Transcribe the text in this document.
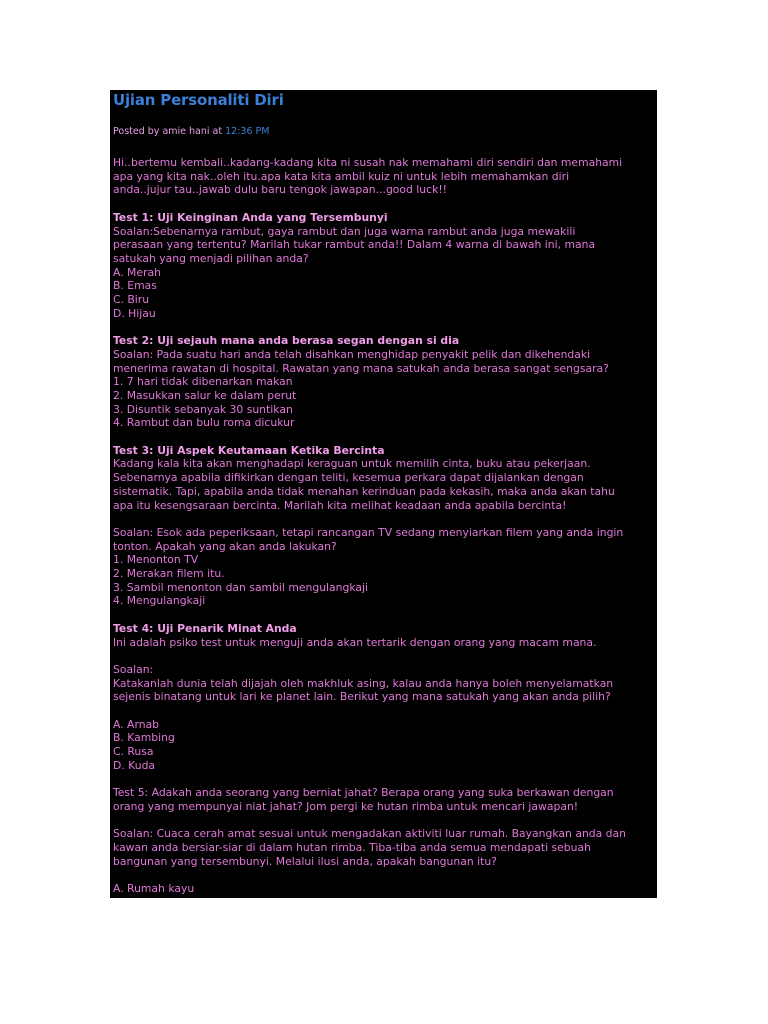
Ujian Personaliti Diri
Posted by amie hani at 12:36 PM

Hi..bertemu kembali..kadang-kadang kita ni susah nak memahami diri sendiri dan memahami

apa yang kita nak..oleh itu.apa kata kita ambil kuiz ni untuk lebih memahamkan diri

anda..jujur tau..jawab dulu baru tengok jawapan...good luck!!

Test 1: Uji Keinginan Anda yang Tersembunyi

Soalan:Sebenarnya rambut, gaya rambut dan juga warna rambut anda juga mewakili

perasaan yang tertentu? Marilah tukar rambut anda!! Dalam 4 warna di bawah ini, mana

satukah yang menjadi pilihan anda?

A. Merah

B. Emas

C. Biru

D. Hijau

Test 2: Uji sejauh mana anda berasa segan dengan si dia

Soalan: Pada suatu hari anda telah disahkan menghidap penyakit pelik dan dikehendaki

menerima rawatan di hospital. Rawatan yang mana satukah anda berasa sangat sengsara?

1. 7 hari tidak dibenarkan makan

2. Masukkan salur ke dalam perut

3. Disuntik sebanyak 30 suntikan

4. Rambut dan bulu roma dicukur

Test 3: Uji Aspek Keutamaan Ketika Bercinta

Kadang kala kita akan menghadapi keraguan untuk memilih cinta, buku atau pekerjaan.

Sebenarnya apabila difikirkan dengan teliti, kesemua perkara dapat dijalankan dengan

sistematik. Tapi, apabila anda tidak menahan kerinduan pada kekasih, maka anda akan tahu

apa itu kesengsaraan bercinta. Marilah kita melihat keadaan anda apabila bercinta!

Soalan: Esok ada peperiksaan, tetapi rancangan TV sedang menyiarkan filem yang anda ingin

tonton. Apakah yang akan anda lakukan?

1. Menonton TV

2. Merakan filem itu.

3. Sambil menonton dan sambil mengulangkaji

4. Mengulangkaji

Test 4: Uji Penarik Minat Anda

Ini adalah psiko test untuk menguji anda akan tertarik dengan orang yang macam mana.

Soalan:

Katakanlah dunia telah dijajah oleh makhluk asing, kalau anda hanya boleh menyelamatkan

sejenis binatang untuk lari ke planet lain. Berikut yang mana satukah yang akan anda pilih?

A. Arnab

B. Kambing

C. Rusa

D. Kuda

Test 5: Adakah anda seorang yang berniat jahat? Berapa orang yang suka berkawan dengan

orang yang mempunyai niat jahat? Jom pergi ke hutan rimba untuk mencari jawapan!

Soalan: Cuaca cerah amat sesuai untuk mengadakan aktiviti luar rumah. Bayangkan anda dan

kawan anda bersiar-siar di dalam hutan rimba. Tiba-tiba anda semua mendapati sebuah

bangunan yang tersembunyi. Melalui ilusi anda, apakah bangunan itu?

A. Rumah kayu
